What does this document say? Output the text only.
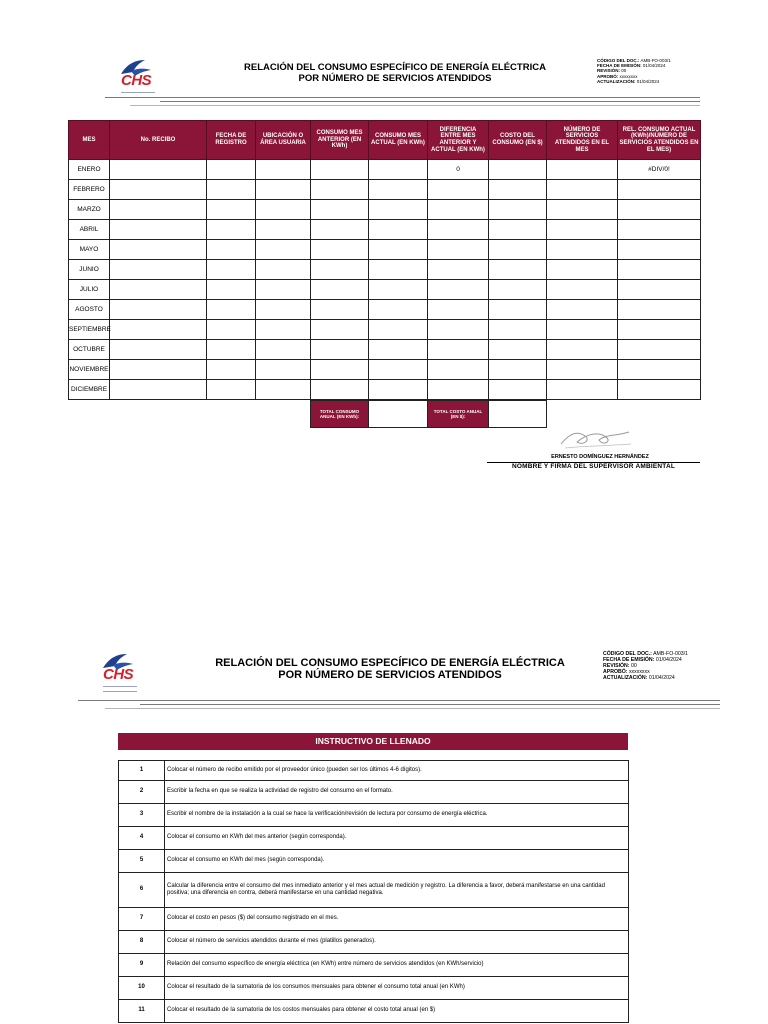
CHS
RELACIÓN DEL CONSUMO ESPECÍFICO DE ENERGÍA ELÉCTRICA
POR NÚMERO DE SERVICIOS ATENDIDOS
CÓDIGO DEL DOC.: AMB-FO-003/1
FECHA DE EMISIÓN: 01/04/2024
REVISIÓN: 00
APROBÓ: xxxxxxxx
ACTUALIZACIÓN: 01/04/2024
MES	No. RECIBO	FECHA DE REGISTRO	UBICACIÓN O ÁREA USUARIA	CONSUMO MES ANTERIOR (EN KWh)	CONSUMO MES ACTUAL (EN KWh)	DIFERENCIA ENTRE MES ANTERIOR Y ACTUAL (EN KWh)	COSTO DEL CONSUMO (EN $)	NÚMERO DE SERVICIOS ATENDIDOS EN EL MES	REL. CONSUMO ACTUAL (KWh)/NÚMERO DE SERVICIOS ATENDIDOS EN EL MES)
ENERO						0			#DIV/0!
FEBRERO									
MARZO									
ABRIL									
MAYO									
JUNIO									
JULIO									
AGOSTO									
SEPTIEMBRE									
OCTUBRE									
NOVIEMBRE									
DICIEMBRE									
TOTAL CONSUMO ANUAL (EN KWh):		TOTAL COSTO ANUAL (EN $):	
ERNESTO DOMÍNGUEZ HERNÁNDEZ
NOMBRE Y FIRMA DEL SUPERVISOR AMBIENTAL
CHS
RELACIÓN DEL CONSUMO ESPECÍFICO DE ENERGÍA ELÉCTRICA
POR NÚMERO DE SERVICIOS ATENDIDOS
CÓDIGO DEL DOC.: AMB-FO-003/1
FECHA DE EMISIÓN: 01/04/2024
REVISIÓN: 00
APROBÓ: xxxxxxxx
ACTUALIZACIÓN: 01/04/2024
INSTRUCTIVO DE LLENADO
1	Colocar el número de recibo emitido por el proveedor único (pueden ser los últimos 4-6 dígitos).
2	Escribir la fecha en que se realiza la actividad de registro del consumo en el formato.
3	Escribir el nombre de la instalación a la cual se hace la verificación/revisión de lectura por consumo de energía eléctrica.
4	Colocar el consumo en KWh del mes anterior (según corresponda).
5	Colocar el consumo en KWh del mes (según corresponda).
6	Calcular la diferencia entre el consumo del mes inmediato anterior y el mes actual de medición y registro. La diferencia a favor, deberá manifestarse en una cantidad positiva; una diferencia en contra, deberá manifestarse en una cantidad negativa.
7	Colocar el costo en pesos ($) del consumo registrado en el mes.
8	Colocar el número de servicios atendidos durante el mes (platillos generados).
9	Relación del consumo específico de energía eléctrica (en KWh) entre número de servicios atendidos (en KWh/servicio)
10	Colocar el resultado de la sumatoria de los consumos mensuales para obtener el consumo total anual (en KWh)
11	Colocar el resultado de la sumatoria de los costos mensuales para obtener el costo total anual (en $)
